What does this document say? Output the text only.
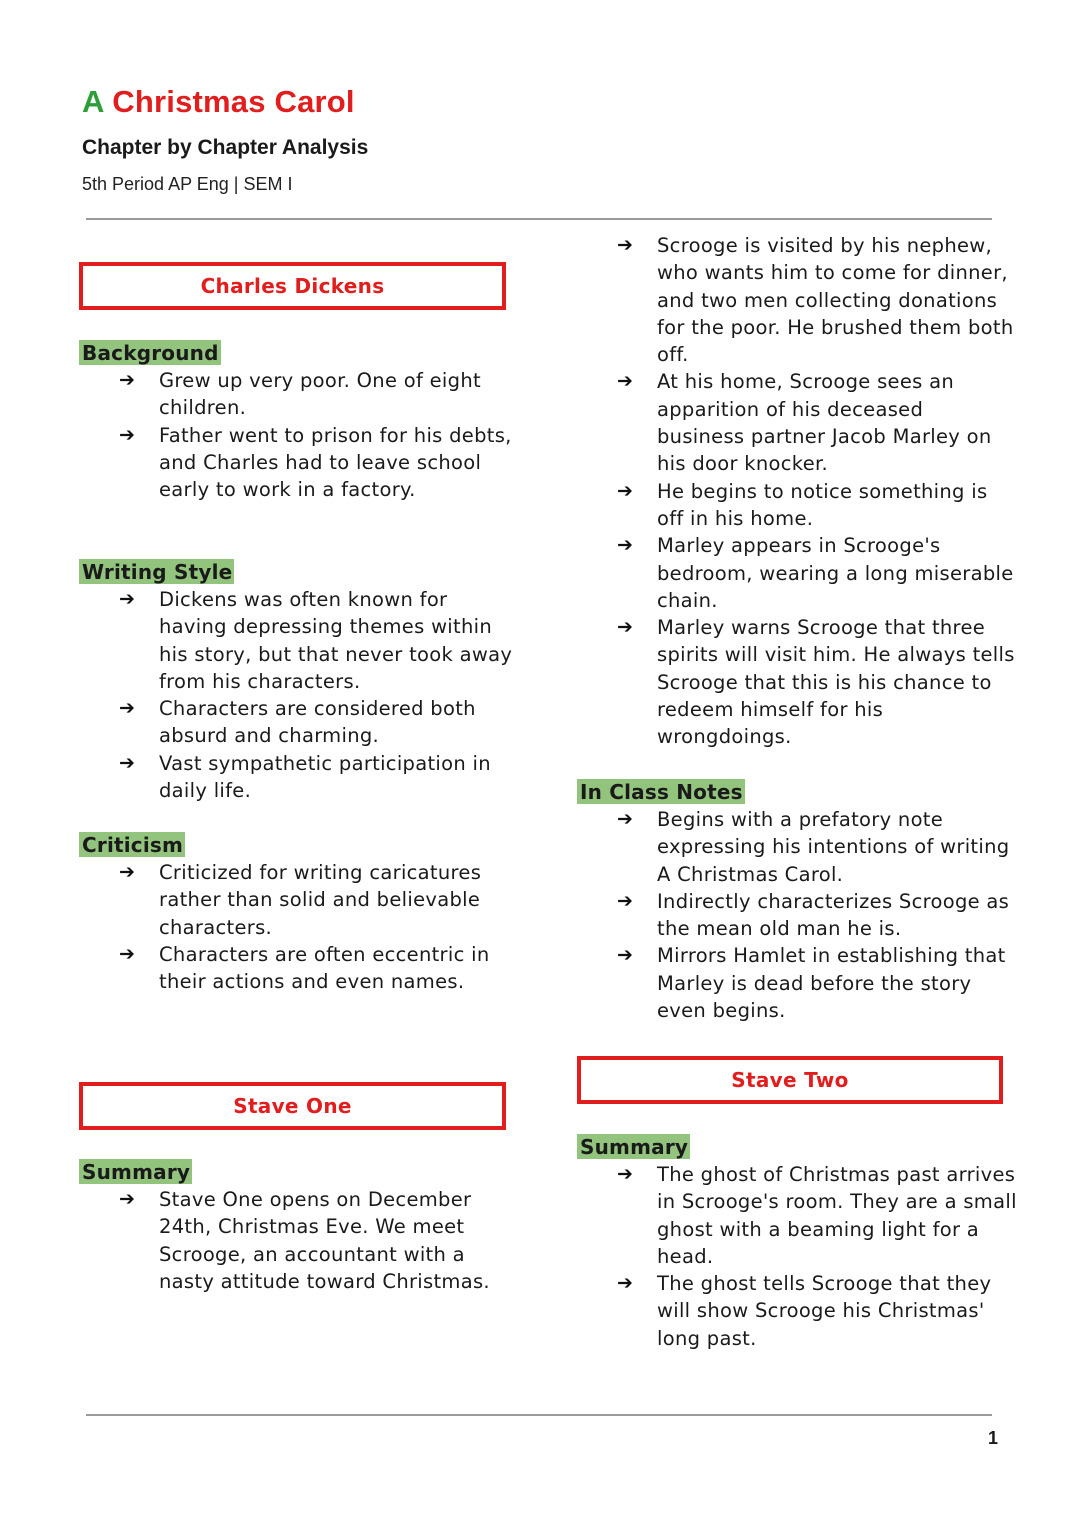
A Christmas Carol
Chapter by Chapter Analysis
5th Period AP Eng | SEM I
Charles Dickens
Background
➔ Grew up very poor. One of eight children.
➔ Father went to prison for his debts, and Charles had to leave school early to work in a factory.
Writing Style
➔ Dickens was often known for having depressing themes within his story, but that never took away from his characters.
➔ Characters are considered both absurd and charming.
➔ Vast sympathetic participation in daily life.
Criticism
➔ Criticized for writing caricatures rather than solid and believable characters.
➔ Characters are often eccentric in their actions and even names.
Stave One
Summary
➔ Stave One opens on December 24th, Christmas Eve. We meet Scrooge, an accountant with a nasty attitude toward Christmas.
➔ Scrooge is visited by his nephew, who wants him to come for dinner, and two men collecting donations for the poor. He brushed them both off.
➔ At his home, Scrooge sees an apparition of his deceased business partner Jacob Marley on his door knocker.
➔ He begins to notice something is off in his home.
➔ Marley appears in Scrooge's bedroom, wearing a long miserable chain.
➔ Marley warns Scrooge that three spirits will visit him. He always tells Scrooge that this is his chance to redeem himself for his wrongdoings.
In Class Notes
➔ Begins with a prefatory note expressing his intentions of writing A Christmas Carol.
➔ Indirectly characterizes Scrooge as the mean old man he is.
➔ Mirrors Hamlet in establishing that Marley is dead before the story even begins.
Stave Two
Summary
➔ The ghost of Christmas past arrives in Scrooge's room. They are a small ghost with a beaming light for a head.
➔ The ghost tells Scrooge that they will show Scrooge his Christmas' long past.
1
